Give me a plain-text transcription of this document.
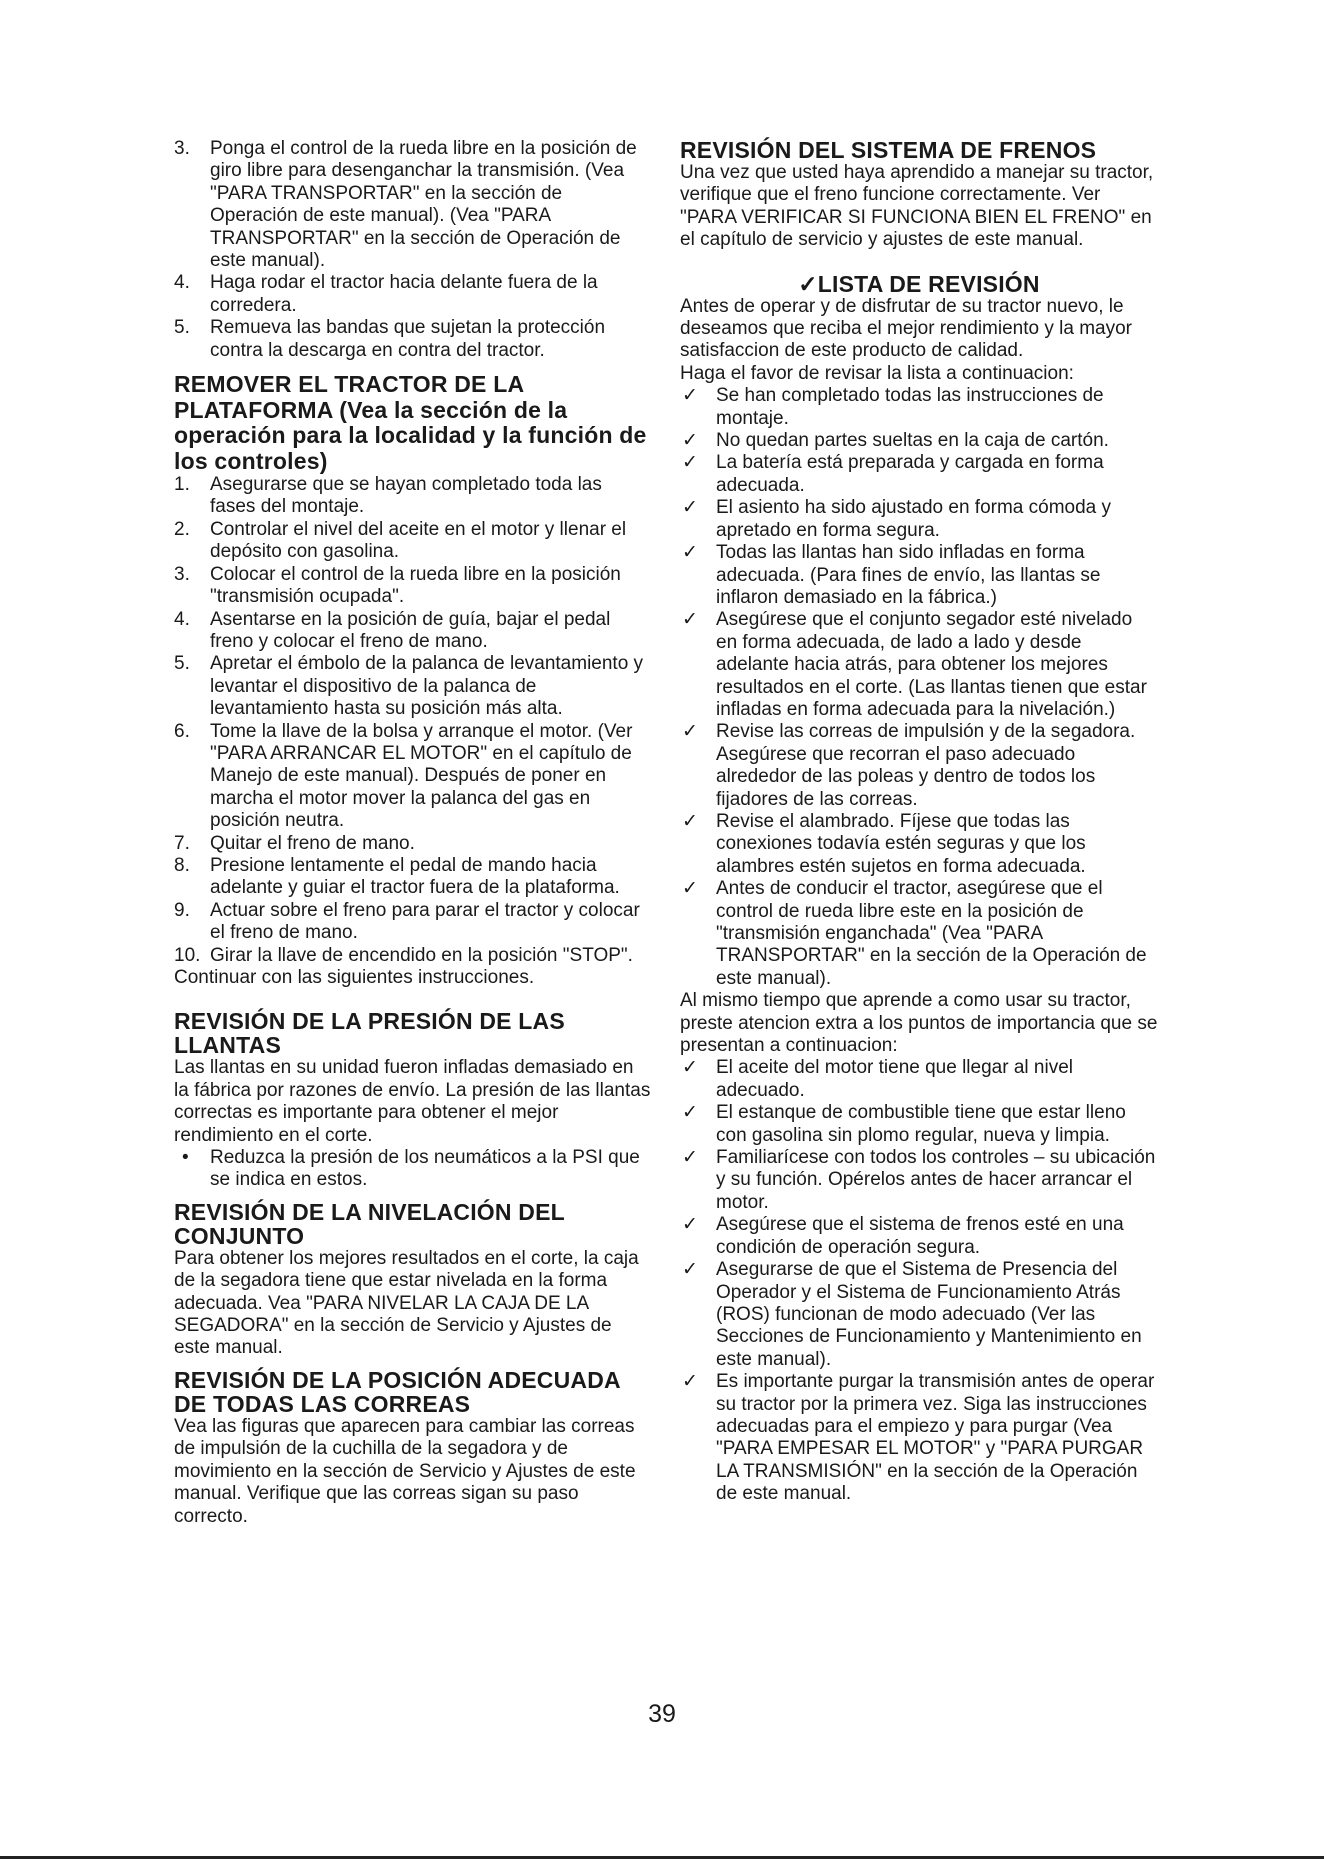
3. Ponga el control de la rueda libre en la posición de giro libre para desenganchar la transmisión. (Vea "PARA TRANSPORTAR" en la sección de Operación de este manual). (Vea "PARA TRANSPORTAR" en la sección de Operación de este manual).
4. Haga rodar el tractor hacia delante fuera de la corredera.
5. Remueva las bandas que sujetan la protección contra la descarga en contra del tractor.
REMOVER EL TRACTOR DE LA PLATAFORMA (Vea la sección de la operación para la localidad y la función de los controles)
1. Asegurarse que se hayan completado toda las fases del montaje.
2. Controlar el nivel del aceite en el motor y llenar el depósito con gasolina.
3. Colocar el control de la rueda libre en la posición "transmisión ocupada".
4. Asentarse en la posición de guía, bajar el pedal freno y colocar el freno de mano.
5. Apretar el émbolo de la palanca de levantamiento y levantar el dispositivo de la palanca de levantamiento hasta su posición más alta.
6. Tome la llave de la bolsa y arranque el motor. (Ver "PARA ARRANCAR EL MOTOR" en el capítulo de Manejo de este manual). Después de poner en marcha el motor mover la palanca del gas en posición neutra.
7. Quitar el freno de mano.
8. Presione lentamente el pedal de mando hacia adelante y guiar el tractor fuera de la plataforma.
9. Actuar sobre el freno para parar el tractor y colocar el freno de mano.
10. Girar la llave de encendido en la posición "STOP".

Continuar con las siguientes instrucciones.

REVISIÓN DE LA PRESIÓN DE LAS LLANTAS

Las llantas en su unidad fueron infladas demasiado en la fábrica por razones de envío. La presión de las llantas correctas es importante para obtener el mejor rendimiento en el corte.

• Reduzca la presión de los neumáticos a la PSI que se indica en estos.
REVISIÓN DE LA NIVELACIÓN DEL CONJUNTO

Para obtener los mejores resultados en el corte, la caja de la segadora tiene que estar nivelada en la forma adecuada. Vea "PARA NIVELAR LA CAJA DE LA SEGADORA" en la sección de Servicio y Ajustes de este manual.

REVISIÓN DE LA POSICIÓN ADECUADA DE TODAS LAS CORREAS

Vea las figuras que aparecen para cambiar las correas de impulsión de la cuchilla de la segadora y de movimiento en la sección de Servicio y Ajustes de este manual. Verifique que las correas sigan su paso correcto.

REVISIÓN DEL SISTEMA DE FRENOS

Una vez que usted haya aprendido a manejar su tractor, verifique que el freno funcione correctamente. Ver "PARA VERIFICAR SI FUNCIONA BIEN EL FRENO" en el capítulo de servicio y ajustes de este manual.

✓LISTA DE REVISIÓN

Antes de operar y de disfrutar de su tractor nuevo, le deseamos que reciba el mejor rendimiento y la mayor satisfaccion de este producto de calidad.

Haga el favor de revisar la lista a continuacion:

✓ Se han completado todas las instrucciones de montaje.
✓ No quedan partes sueltas en la caja de cartón.
✓ La batería está preparada y cargada en forma adecuada.
✓ El asiento ha sido ajustado en forma cómoda y apretado en forma segura.
✓ Todas las llantas han sido infladas en forma adecuada. (Para fines de envío, las llantas se inflaron demasiado en la fábrica.)
✓ Asegúrese que el conjunto segador esté nivelado en forma adecuada, de lado a lado y desde adelante hacia atrás, para obtener los mejores resultados en el corte. (Las llantas tienen que estar infladas en forma adecuada para la nivelación.)
✓ Revise las correas de impulsión y de la segadora. Asegúrese que recorran el paso adecuado alrededor de las poleas y dentro de todos los fijadores de las correas.
✓ Revise el alambrado. Fíjese que todas las conexiones todavía estén seguras y que los alambres estén sujetos en forma adecuada.
✓ Antes de conducir el tractor, asegúrese que el control de rueda libre este en la posición de "transmisión enganchada" (Vea "PARA TRANSPORTAR" en la sección de la Operación de este manual).

Al mismo tiempo que aprende a como usar su tractor, preste atencion extra a los puntos de importancia que se presentan a continuacion:

✓ El aceite del motor tiene que llegar al nivel adecuado.
✓ El estanque de combustible tiene que estar lleno con gasolina sin plomo regular, nueva y limpia.
✓ Familiarícese con todos los controles – su ubicación y su función. Opérelos antes de hacer arrancar el motor.
✓ Asegúrese que el sistema de frenos esté en una condición de operación segura.
✓ Asegurarse de que el Sistema de Presencia del Operador y el Sistema de Funcionamiento Atrás (ROS) funcionan de modo adecuado (Ver las Secciones de Funcionamiento y Mantenimiento en este manual).
✓ Es importante purgar la transmisión antes de operar su tractor por la primera vez. Siga las instrucciones adecuadas para el empiezo y para purgar (Vea "PARA EMPESAR EL MOTOR" y "PARA PURGAR LA TRANSMISIÓN" en la sección de la Operación de este manual.
39
